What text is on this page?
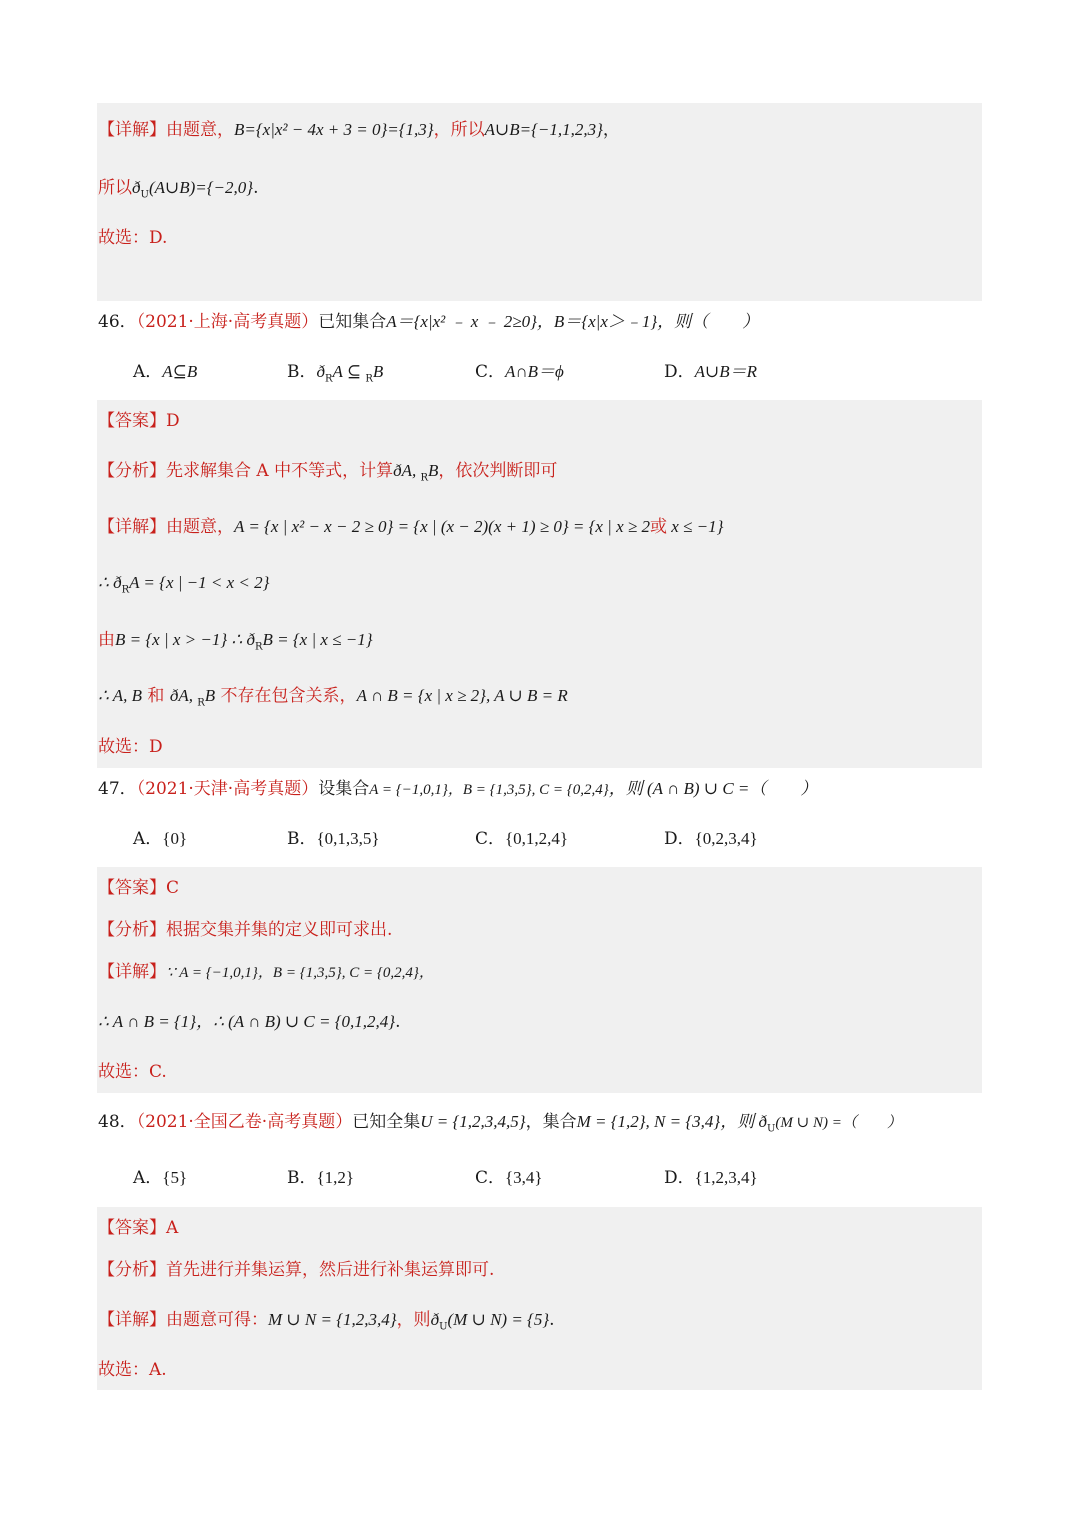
【详解】由题意，B={x|x² − 4x + 3 = 0}={1,3}，所以A∪B={−1,1,2,3}，
所以$ð_U(A\cup B)=\{-2,0\}$.
故选：D.
46．（2021·上海·高考真题）已知集合A＝{x|x² ﹣ x ﹣ 2≥0}，B＝{x|x＞﹣1}，则（　　）
A．A⊆B	B．$ð_RA$ ⊆ $_R$B	C．A∩B＝ϕ	D．A∪B＝R
【答案】D
【分析】先求解集合 A 中不等式，计算ðA, $_R$B，依次判断即可
【详解】由题意，A = {x | x² − x − 2 ≥ 0} = {x | (x − 2)(x + 1) ≥ 0} = {x | x ≥ 2或 x ≤ −1}
∴ $ð_RA = \{x$ | −1 < x < 2}
由B = {x | x > −1} ∴ $ð_RB = \{x$ | x ≤ −1}
∴ A, B 和 ðA, $_R$B 不存在包含关系，A ∩ B = {x | x ≥ 2}, A ∪ B = R
故选：D
47．（2021·天津·高考真题）设集合A = {−1,0,1}，B = {1,3,5}, C = {0,2,4}，则 (A ∩ B) ∪ C =（　　）
A．{0}	B．{0,1,3,5}	C．{0,1,2,4}	D．{0,2,3,4}
【答案】C
【分析】根据交集并集的定义即可求出.
【详解】∵ A = {−1,0,1}，B = {1,3,5}, C = {0,2,4}，
∴ A ∩ B = {1}，∴ (A ∩ B) ∪ C = {0,1,2,4}.
故选：C.
48．（2021·全国乙卷·高考真题）已知全集U = {1,2,3,4,5}，集合M = {1,2}, N = {3,4}，则 $ð_U(M$ ∪ N) =（　　）
A．{5}	B．{1,2}	C．{3,4}	D．{1,2,3,4}
【答案】A
【分析】首先进行并集运算，然后进行补集运算即可.
【详解】由题意可得：M ∪ N = {1,2,3,4}，则$ð_U(M$ ∪ N) = {5}.
故选：A.
